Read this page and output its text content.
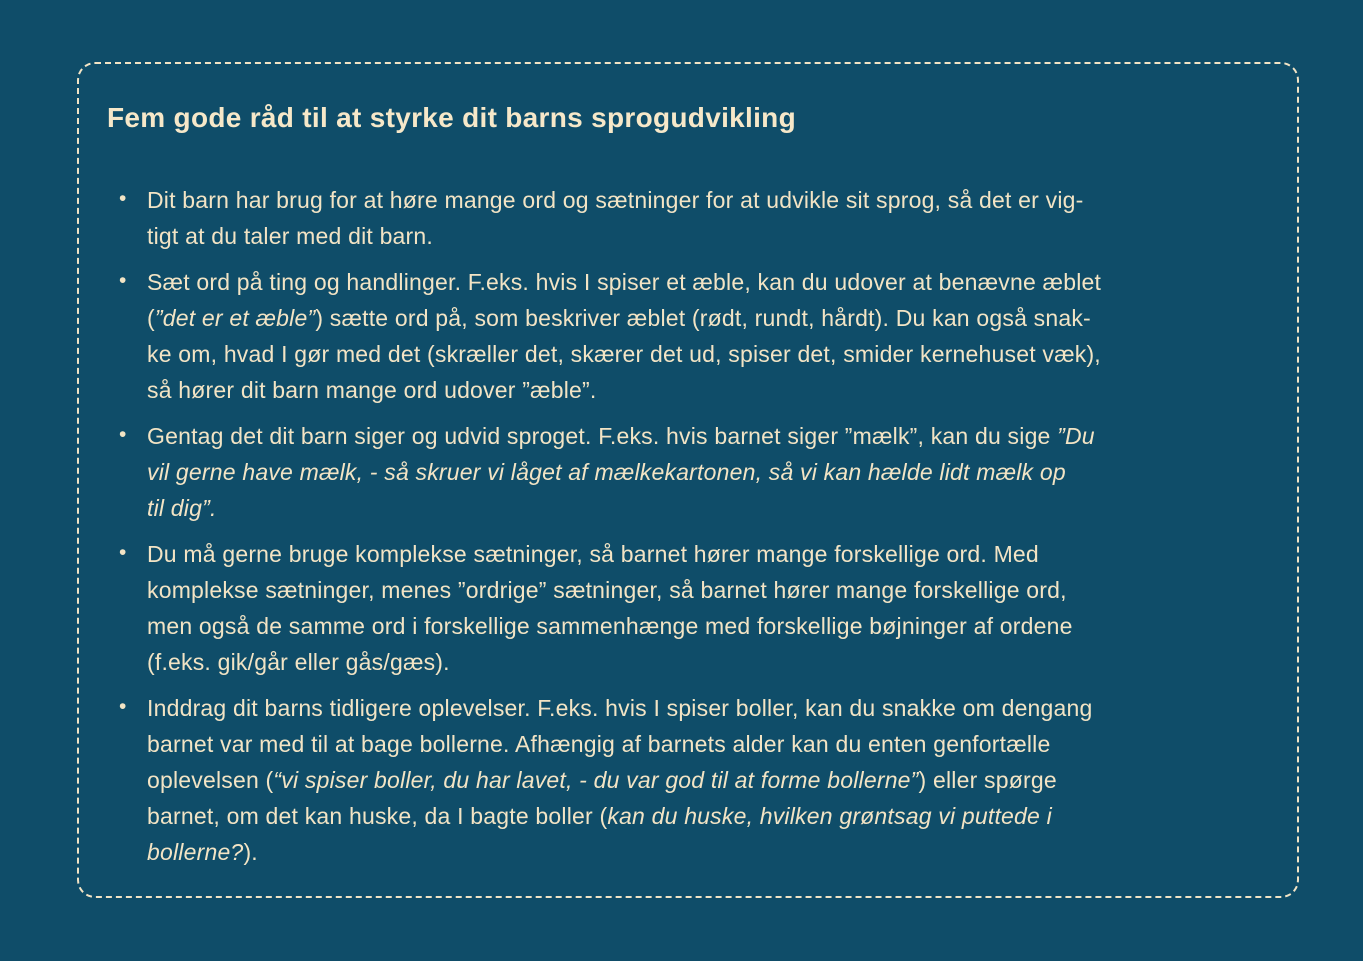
Fem gode råd til at styrke dit barns sprogudvikling
• Dit barn har brug for at høre mange ord og sætninger for at udvikle sit sprog, så det er vig-
tigt at du taler med dit barn.
• Sæt ord på ting og handlinger. F.eks. hvis I spiser et æble, kan du udover at benævne æblet
(”det er et æble”) sætte ord på, som beskriver æblet (rødt, rundt, hårdt). Du kan også snak-
ke om, hvad I gør med det (skræller det, skærer det ud, spiser det, smider kernehuset væk),
så hører dit barn mange ord udover ”æble”.
• Gentag det dit barn siger og udvid sproget. F.eks. hvis barnet siger ”mælk”, kan du sige ”Du
vil gerne have mælk, - så skruer vi låget af mælkekartonen, så vi kan hælde lidt mælk op
til dig”.
• Du må gerne bruge komplekse sætninger, så barnet hører mange forskellige ord. Med
komplekse sætninger, menes ”ordrige” sætninger, så barnet hører mange forskellige ord,
men også de samme ord i forskellige sammenhænge med forskellige bøjninger af ordene
(f.eks. gik/går eller gås/gæs).
• Inddrag dit barns tidligere oplevelser. F.eks. hvis I spiser boller, kan du snakke om dengang
barnet var med til at bage bollerne. Afhængig af barnets alder kan du enten genfortælle
oplevelsen (“vi spiser boller, du har lavet, - du var god til at forme bollerne”) eller spørge
barnet, om det kan huske, da I bagte boller (kan du huske, hvilken grøntsag vi puttede i
bollerne?).
